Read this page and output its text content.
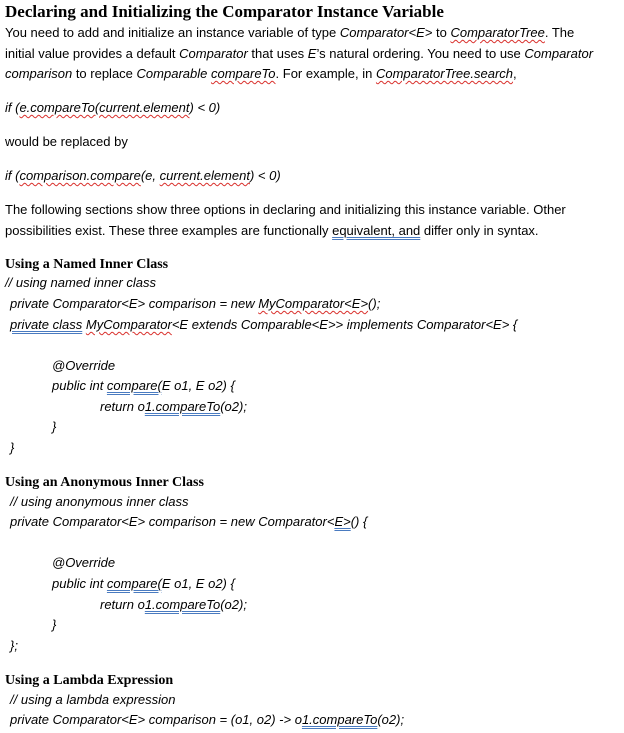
Declaring and Initializing the Comparator Instance Variable
You need to add and initialize an instance variable of type Comparator<E> to ComparatorTree. The
initial value provides a default Comparator that uses E’s natural ordering. You need to use Comparator
comparison to replace Comparable compareTo. For example, in ComparatorTree.search,
if (e.compareTo(current.element) < 0)
would be replaced by
if (comparison.compare(e, current.element) < 0)
The following sections show three options in declaring and initializing this instance variable. Other
possibilities exist. These three examples are functionally equivalent, and differ only in syntax.
Using a Named Inner Class
// using named inner class
private Comparator<E> comparison = new MyComparator<E>();
private class MyComparator<E extends Comparable<E>> implements Comparator<E> {
@Override
public int compare(E o1, E o2) {
return o1.compareTo(o2);
}
}
Using an Anonymous Inner Class
// using anonymous inner class
private Comparator<E> comparison = new Comparator<E>() {
@Override
public int compare(E o1, E o2) {
return o1.compareTo(o2);
}
};
Using a Lambda Expression
// using a lambda expression
private Comparator<E> comparison = (o1, o2) -> o1.compareTo(o2);
